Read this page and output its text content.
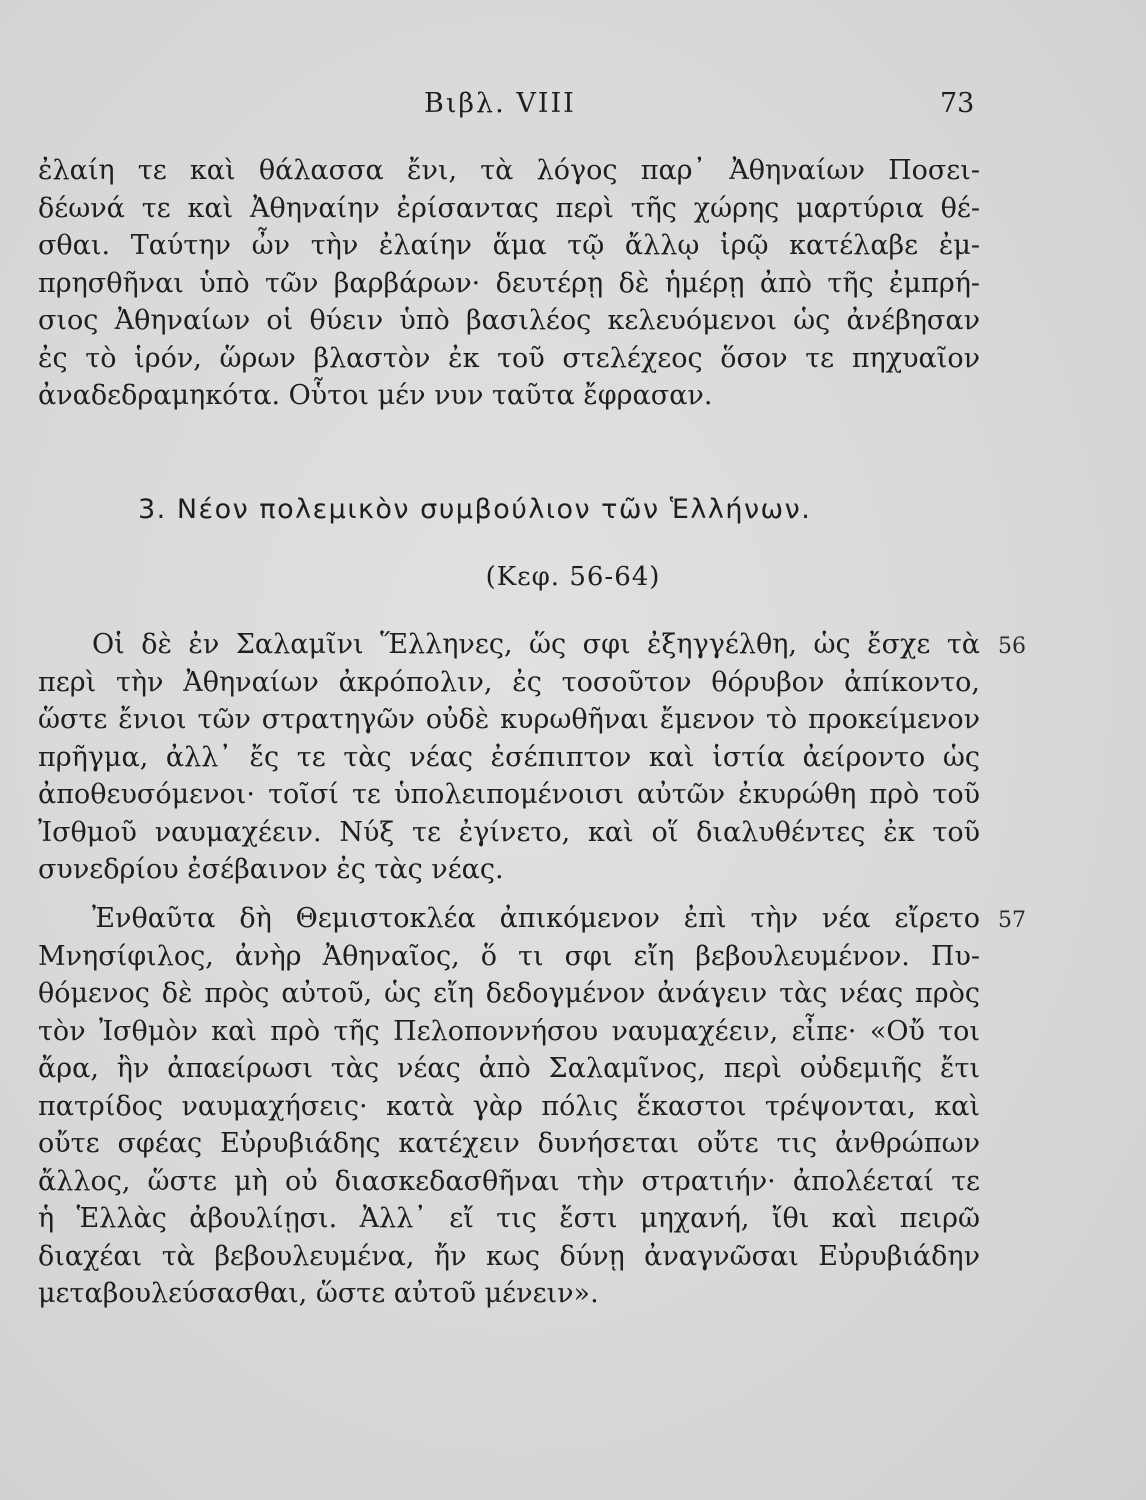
Βιβλ. VIII	73
ἐλαίη τε καὶ θάλασσα ἔνι, τὰ λόγος παρ᾽ Ἀθηναίων Ποσει-
δέωνά τε καὶ Ἀθηναίην ἐρίσαντας περὶ τῆς χώρης μαρτύρια θέ-
σθαι. Ταύτην ὦν τὴν ἐλαίην ἅμα τῷ ἄλλῳ ἱρῷ κατέλαβε ἐμ-
πρησθῆναι ὑπὸ τῶν βαρβάρων· δευτέρῃ δὲ ἡμέρῃ ἀπὸ τῆς ἐμπρή-
σιος Ἀθηναίων οἱ θύειν ὑπὸ βασιλέος κελευόμενοι ὡς ἀνέβησαν
ἐς τὸ ἱρόν, ὥρων βλαστὸν ἐκ τοῦ στελέχεος ὅσον τε πηχυαῖον
ἀναδεδραμηκότα. Οὗτοι μέν νυν ταῦτα ἔφρασαν.
3. Νέον πολεμικὸν συμβούλιον τῶν Ἑλλήνων.
(Κεφ. 56-64)
56
Οἱ δὲ ἐν Σαλαμῖνι Ἕλληνες, ὥς σφι ἐξηγγέλθη, ὡς ἔσχε τὰ
περὶ τὴν Ἀθηναίων ἀκρόπολιν, ἐς τοσοῦτον θόρυβον ἀπίκοντο,
ὥστε ἔνιοι τῶν στρατηγῶν οὐδὲ κυρωθῆναι ἔμενον τὸ προκείμενον
πρῆγμα, ἀλλ᾽ ἔς τε τὰς νέας ἐσέπιπτον καὶ ἱστία ἀείροντο ὡς
ἀποθευσόμενοι· τοῖσί τε ὑπολειπομένοισι αὐτῶν ἐκυρώθη πρὸ τοῦ
Ἰσθμοῦ ναυμαχέειν. Νύξ τε ἐγίνετο, καὶ οἵ διαλυθέντες ἐκ τοῦ
συνεδρίου ἐσέβαινον ἐς τὰς νέας.
57
Ἐνθαῦτα δὴ Θεμιστοκλέα ἀπικόμενον ἐπὶ τὴν νέα εἴρετο
Μνησίφιλος, ἀνὴρ Ἀθηναῖος, ὅ τι σφι εἴη βεβουλευμένον. Πυ-
θόμενος δὲ πρὸς αὐτοῦ, ὡς εἴη δεδογμένον ἀνάγειν τὰς νέας πρὸς
τὸν Ἰσθμὸν καὶ πρὸ τῆς Πελοποννήσου ναυμαχέειν, εἶπε· «Οὔ τοι
ἄρα, ἢν ἀπαείρωσι τὰς νέας ἀπὸ Σαλαμῖνος, περὶ οὐδεμιῆς ἔτι
πατρίδος ναυμαχήσεις· κατὰ γὰρ πόλις ἕκαστοι τρέψονται, καὶ
οὔτε σφέας Εὐρυβιάδης κατέχειν δυνήσεται οὔτε τις ἀνθρώπων
ἄλλος, ὥστε μὴ οὐ διασκεδασθῆναι τὴν στρατιήν· ἀπολέεταί τε
ἡ Ἑλλὰς ἀβουλίῃσι. Ἀλλ᾽ εἴ τις ἔστι μηχανή, ἴθι καὶ πειρῶ
διαχέαι τὰ βεβουλευμένα, ἤν κως δύνῃ ἀναγνῶσαι Εὐρυβιάδην
μεταβουλεύσασθαι, ὥστε αὐτοῦ μένειν».
